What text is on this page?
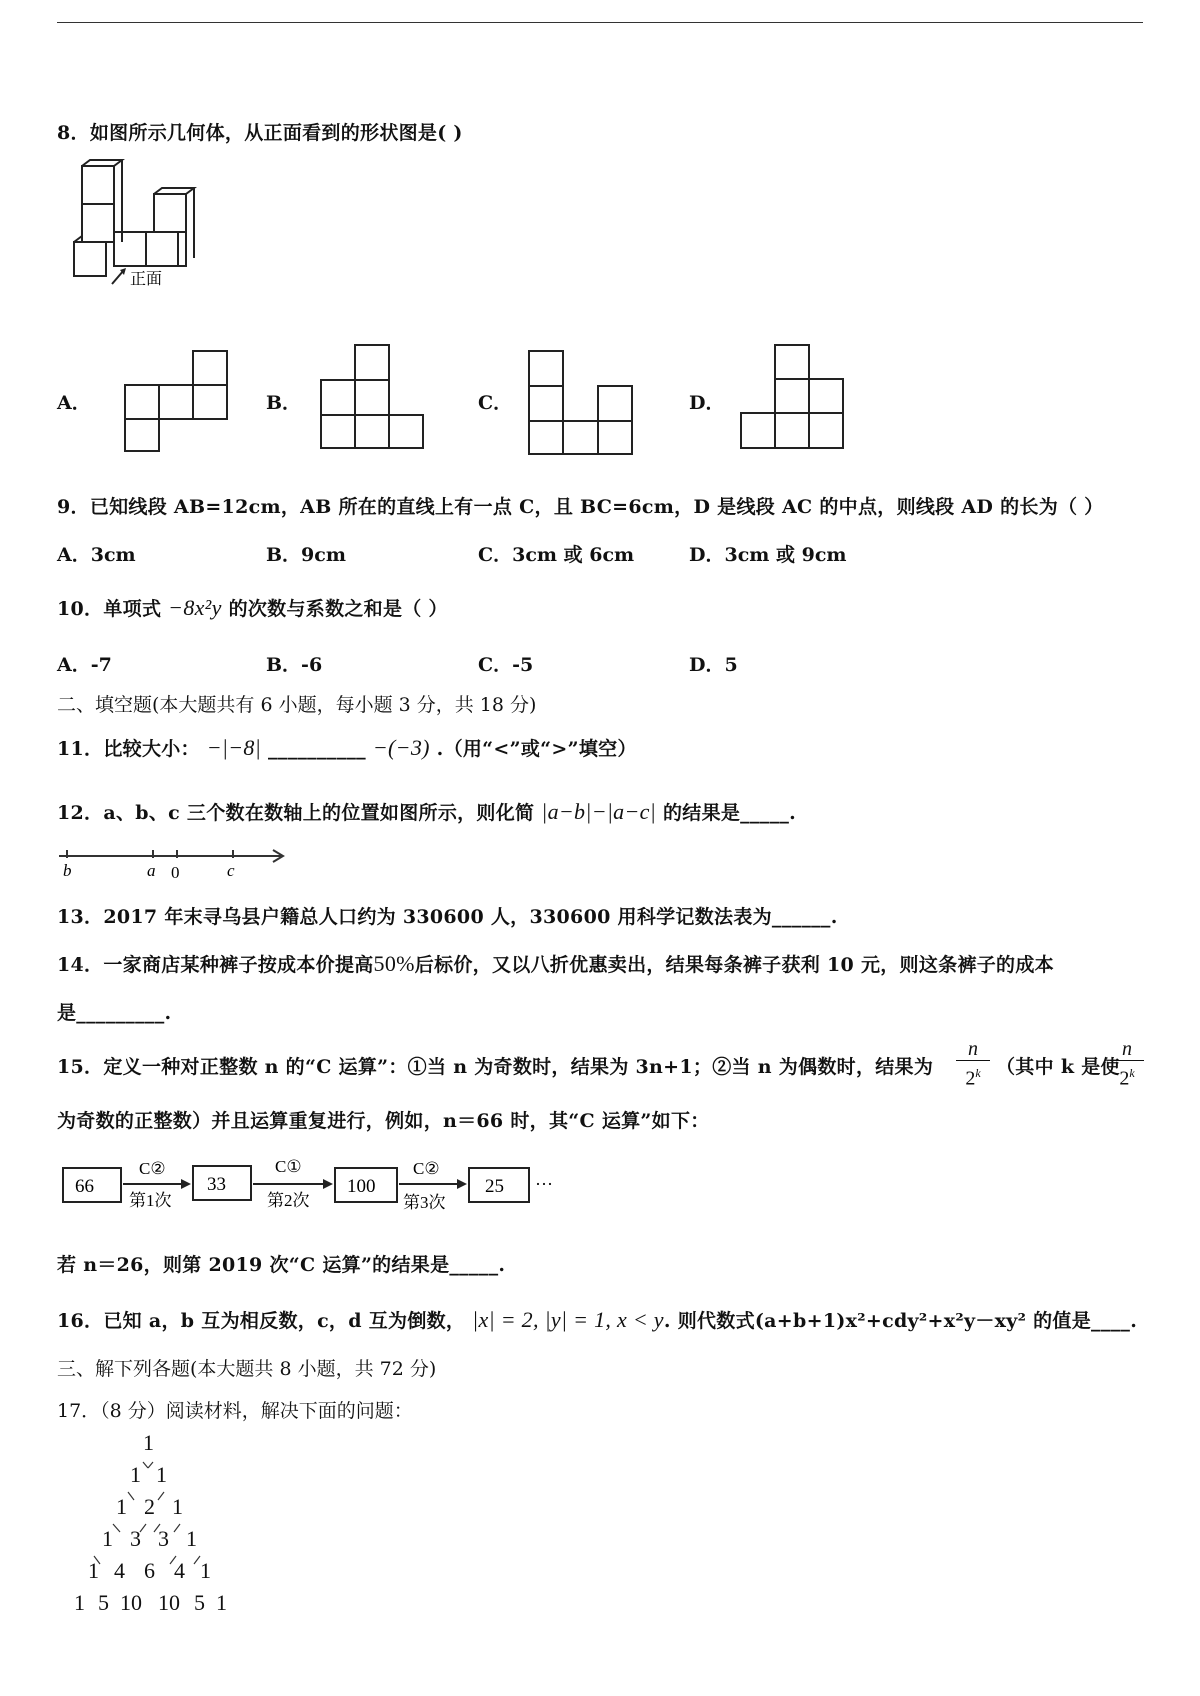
8．如图所示几何体，从正面看到的形状图是( )
正面
A．	B．	C．	D．
9．已知线段 AB=12cm，AB 所在的直线上有一点 C，且 BC=6cm，D 是线段 AC 的中点，则线段 AD 的长为（ ）
A．3cm	B．9cm	C．3cm 或 6cm	D．3cm 或 9cm
10．单项式 −8x²y 的次数与系数之和是（ ）
A．-7	B．-6	C．-5	D．5
二、填空题(本大题共有 6 小题，每小题 3 分，共 18 分)
11．比较大小： −|−8| __________ −(−3) .（用“<”或“>”填空）
12．a、b、c 三个数在数轴上的位置如图所示，则化简 |a−b|−|a−c| 的结果是_____.
b	a 0	c
13．2017 年末寻乌县户籍总人口约为 330600 人，330600 用科学记数法表为______.
14．一家商店某种裤子按成本价提高50%后标价，又以八折优惠卖出，结果每条裤子获利 10 元，则这条裤子的成本
是_________.
15．定义一种对正整数 n 的“C 运算”：①当 n 为奇数时，结果为 3n+1；②当 n 为偶数时，结果为
n
2$^k$ （其中 k 是使
n
2$^k$
为奇数的正整数）并且运算重复进行，例如，n＝66 时，其“C 运算”如下：
66	33	100	25
C②	C①	C②
第1次	第2次	第3次
···
若 n＝26，则第 2019 次“C 运算”的结果是_____.
16．已知 a，b 互为相反数，c，d 互为倒数， |x| = 2, |y| = 1, x < y. 则代数式(a+b+1)x²+cdy²+x²y－xy² 的值是____.
三、解下列各题(本大题共 8 小题，共 72 分)
17．（8 分）阅读材料，解决下面的问题：
1
1 1
1 2 1
1 3 3 1
1 4 6 4 1
1 5 10 10 5 1
